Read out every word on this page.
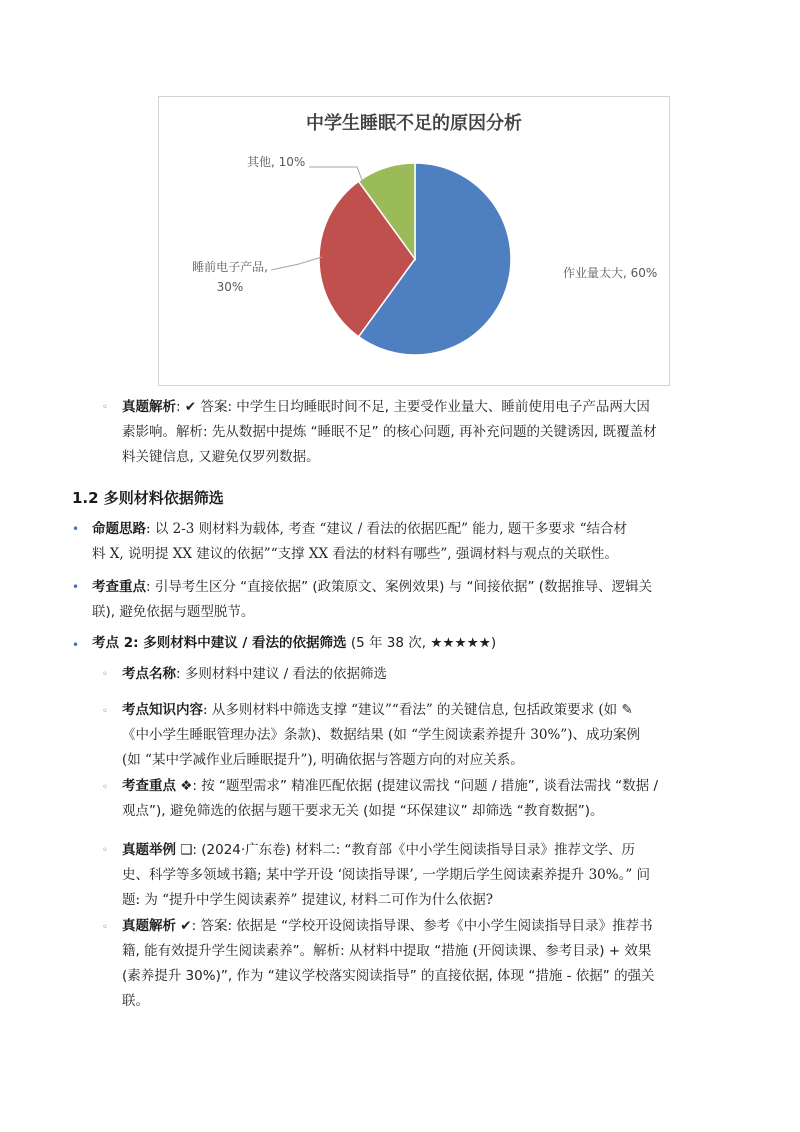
中学生睡眠不足的原因分析
作业量太大, 60%
睡前电子产品,
30%
其他, 10%
◦ 真题解析: ✔ 答案: 中学生日均睡眠时间不足, 主要受作业量大、睡前使用电子产品两大因
素影响。解析: 先从数据中提炼 “睡眠不足” 的核心问题, 再补充问题的关键诱因, 既覆盖材
料关键信息, 又避免仅罗列数据。
1.2 多则材料依据筛选
• 命题思路: 以 2-3 则材料为载体, 考查 “建议 / 看法的依据匹配” 能力, 题干多要求 “结合材
料 X, 说明提 XX 建议的依据”“支撑 XX 看法的材料有哪些”, 强调材料与观点的关联性。
• 考查重点: 引导考生区分 “直接依据” (政策原文、案例效果) 与 “间接依据” (数据推导、逻辑关
联), 避免依据与题型脱节。
• 考点 2: 多则材料中建议 / 看法的依据筛选 (5 年 38 次, ★★★★★)
◦ 考点名称: 多则材料中建议 / 看法的依据筛选
◦ 考点知识内容: 从多则材料中筛选支撑 “建议”“看法” 的关键信息, 包括政策要求 (如 ✎
《中小学生睡眠管理办法》条款)、数据结果 (如 “学生阅读素养提升 30%”)、成功案例
(如 “某中学减作业后睡眠提升”), 明确依据与答题方向的对应关系。
◦ 考查重点 ❖: 按 “题型需求” 精准匹配依据 (提建议需找 “问题 / 措施”, 谈看法需找 “数据 /
观点”), 避免筛选的依据与题干要求无关 (如提 “环保建议” 却筛选 “教育数据”)。
◦ 真题举例 ❑: (2024·广东卷) 材料二: “教育部《中小学生阅读指导目录》推荐文学、历
史、科学等多领域书籍; 某中学开设 ‘阅读指导课’, 一学期后学生阅读素养提升 30%。” 问
题: 为 “提升中学生阅读素养” 提建议, 材料二可作为什么依据?
◦ 真题解析 ✔: 答案: 依据是 “学校开设阅读指导课、参考《中小学生阅读指导目录》推荐书
籍, 能有效提升学生阅读素养”。解析: 从材料中提取 “措施 (开阅读课、参考目录) + 效果
(素养提升 30%)”, 作为 “建议学校落实阅读指导” 的直接依据, 体现 “措施 - 依据” 的强关
联。
